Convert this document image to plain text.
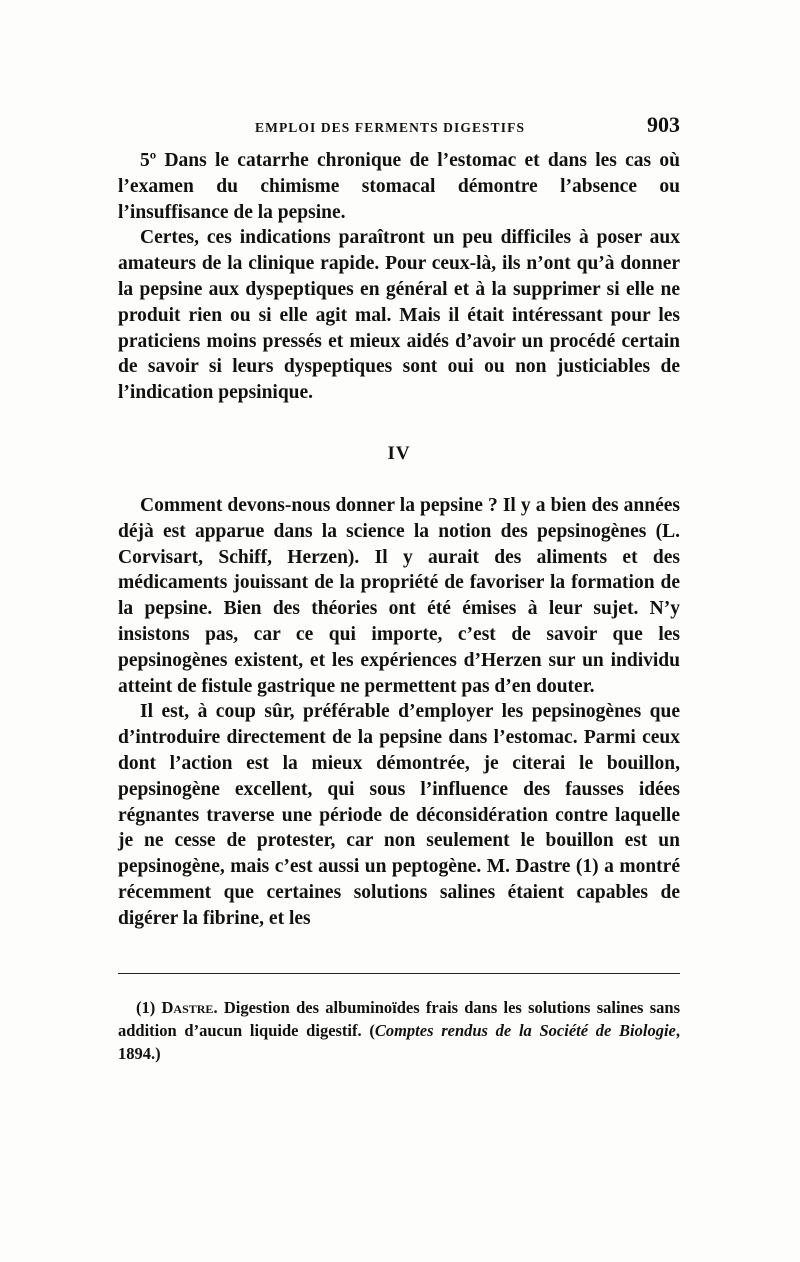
EMPLOI DES FERMENTS DIGESTIFS	903

5º Dans le catarrhe chronique de l’estomac et dans les cas où l’examen du chimisme stomacal démontre l’absence ou l’insuffisance de la pepsine.

Certes, ces indications paraîtront un peu difficiles à poser aux amateurs de la clinique rapide. Pour ceux-là, ils n’ont qu’à donner la pepsine aux dyspeptiques en général et à la supprimer si elle ne produit rien ou si elle agit mal. Mais il était intéressant pour les praticiens moins pressés et mieux aidés d’avoir un procédé certain de savoir si leurs dyspeptiques sont oui ou non justiciables de l’indication pepsinique.

IV

Comment devons-nous donner la pepsine ? Il y a bien des années déjà est apparue dans la science la notion des pepsinogènes (L. Corvisart, Schiff, Herzen). Il y aurait des aliments et des médicaments jouissant de la propriété de favoriser la formation de la pepsine. Bien des théories ont été émises à leur sujet. N’y insistons pas, car ce qui importe, c’est de savoir que les pepsinogènes existent, et les expériences d’Herzen sur un individu atteint de fistule gastrique ne permettent pas d’en douter.

Il est, à coup sûr, préférable d’employer les pepsinogènes que d’introduire directement de la pepsine dans l’estomac. Parmi ceux dont l’action est la mieux démontrée, je citerai le bouillon, pepsinogène excellent, qui sous l’influence des fausses idées régnantes traverse une période de déconsidération contre laquelle je ne cesse de protester, car non seulement le bouillon est un pepsinogène, mais c’est aussi un peptogène. M. Dastre (1) a montré récemment que certaines solutions salines étaient capables de digérer la fibrine, et les

(1) Dastre. Digestion des albuminoïdes frais dans les solutions salines sans addition d’aucun liquide digestif. (Comptes rendus de la Société de Biologie, 1894.)
